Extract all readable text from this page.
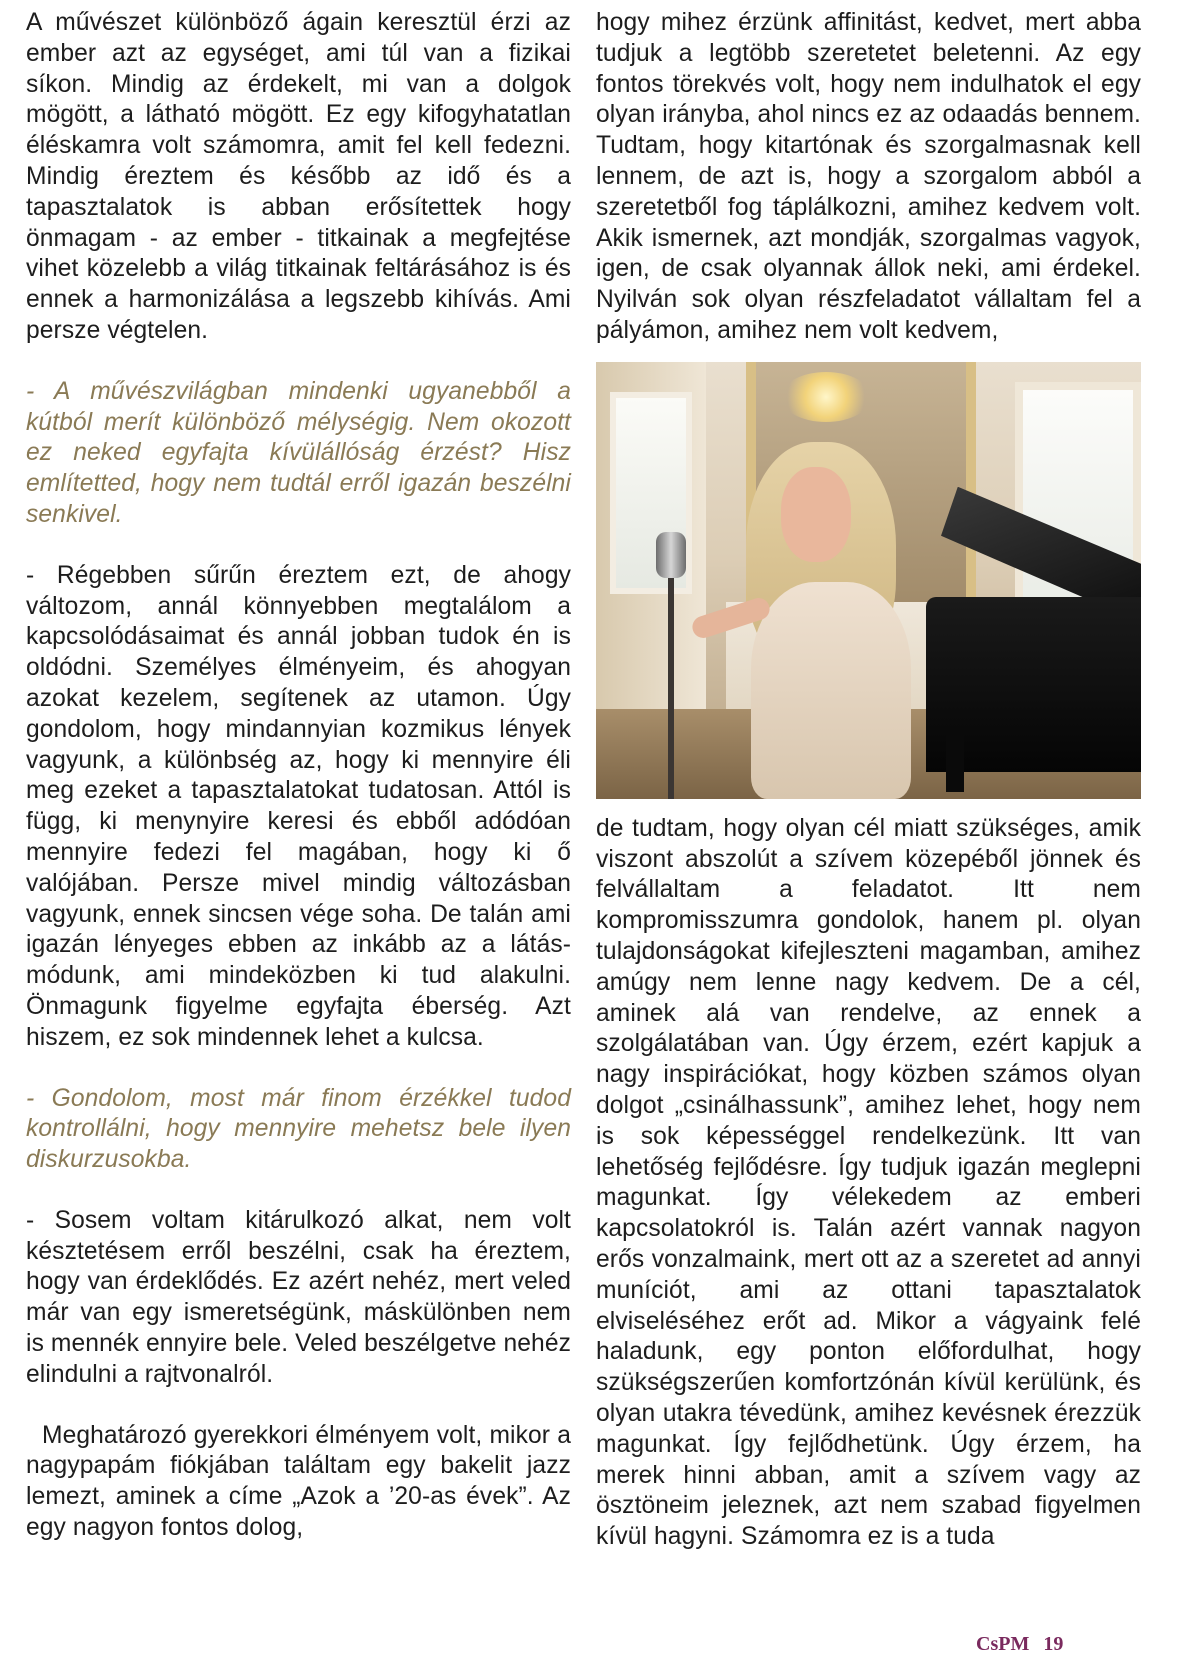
A művészet különböző ágain keresztül érzi az ember azt az egységet, ami túl van a fizikai síkon. Mindig az érdekelt, mi van a dolgok mögött, a látható mögött. Ez egy kifogyhatatlan éléskamra volt számomra, amit fel kell fedezni. Mindig éreztem és később az idő és a tapasztalatok is abban erősítettek hogy önmagam - az ember - titkainak a megfejtése vihet közelebb a világ titkainak feltárásához is és ennek a harmonizálása a legszebb kihívás. Ami persze végtelen.

- A művészvilágban mindenki ugyanebből a kútból merít különböző mélységig. Nem okozott ez neked egyfajta kívülállóság érzést? Hisz említetted, hogy nem tudtál erről igazán beszélni senkivel.

- Régebben sűrűn éreztem ezt, de ahogy változom, annál könnyebben megtalálom a kapcsolódásaimat és annál jobban tudok én is oldódni. Személyes élményeim, és ahogyan azokat kezelem, segítenek az utamon. Úgy gondolom, hogy mindannyian kozmikus lények vagyunk, a különbség az, hogy ki mennyire éli meg ezeket a tapasztalatokat tudatosan. Attól is függ, ki menynyire keresi és ebből adódóan mennyire fedezi fel magában, hogy ki ő valójában. Persze mivel mindig változásban vagyunk, ennek sincsen vége soha. De talán ami igazán lényeges ebben az inkább az a látásmódunk, ami mindeközben ki tud alakulni. Önmagunk figyelme egyfajta éberség. Azt hiszem, ez sok mindennek lehet a kulcsa.

- Gondolom, most már finom érzékkel tudod kontrollálni, hogy mennyire mehetsz bele ilyen diskurzusokba.

- Sosem voltam kitárulkozó alkat, nem volt késztetésem erről beszélni, csak ha éreztem, hogy van érdeklődés. Ez azért nehéz, mert veled már van egy ismeretségünk, máskülönben nem is mennék ennyire bele. Veled beszélgetve nehéz elindulni a rajtvonalról.

Meghatározó gyerekkori élményem volt, mikor a nagypapám fiókjában találtam egy bakelit jazz lemezt, aminek a címe „Azok a ’20-as évek”. Az egy nagyon fontos dolog,

hogy mihez érzünk affinitást, kedvet, mert abba tudjuk a legtöbb szeretetet beletenni. Az egy fontos törekvés volt, hogy nem indulhatok el egy olyan irányba, ahol nincs ez az odaadás bennem. Tudtam, hogy kitartónak és szorgalmasnak kell lennem, de azt is, hogy a szorgalom abból a szeretetből fog táplálkozni, amihez kedvem volt. Akik ismernek, azt mondják, szorgalmas vagyok, igen, de csak olyannak állok neki, ami érdekel. Nyilván sok olyan részfeladatot vállaltam fel a pályámon, amihez nem volt kedvem,

de tudtam, hogy olyan cél miatt szükséges, amik viszont abszolút a szívem közepéből jönnek és felvállaltam a feladatot. Itt nem kompromisszumra gondolok, hanem pl. olyan tulajdonságokat kifejleszteni magamban, amihez amúgy nem lenne nagy kedvem. De a cél, aminek alá van rendelve, az ennek a szolgálatában van. Úgy érzem, ezért kapjuk a nagy inspirációkat, hogy közben számos olyan dolgot „csinálhassunk”, amihez lehet, hogy nem is sok képességgel rendelkezünk. Itt van lehetőség fejlődésre. Így tudjuk igazán meglepni magunkat. Így vélekedem az emberi kapcsolatokról is. Talán azért vannak nagyon erős vonzalmaink, mert ott az a szeretet ad annyi muníciót, ami az ottani tapasztalatok elviseléséhez erőt ad. Mikor a vágyaink felé haladunk, egy ponton előfordulhat, hogy szükségszerűen komfortzónán kívül kerülünk, és olyan utakra tévedünk, amihez kevésnek érezzük magunkat. Így fejlődhetünk. Úgy érzem, ha merek hinni abban, amit a szívem vagy az ösztöneim jeleznek, azt nem szabad figyelmen kívül hagyni. Számomra ez is a tuda

CsPM 19
